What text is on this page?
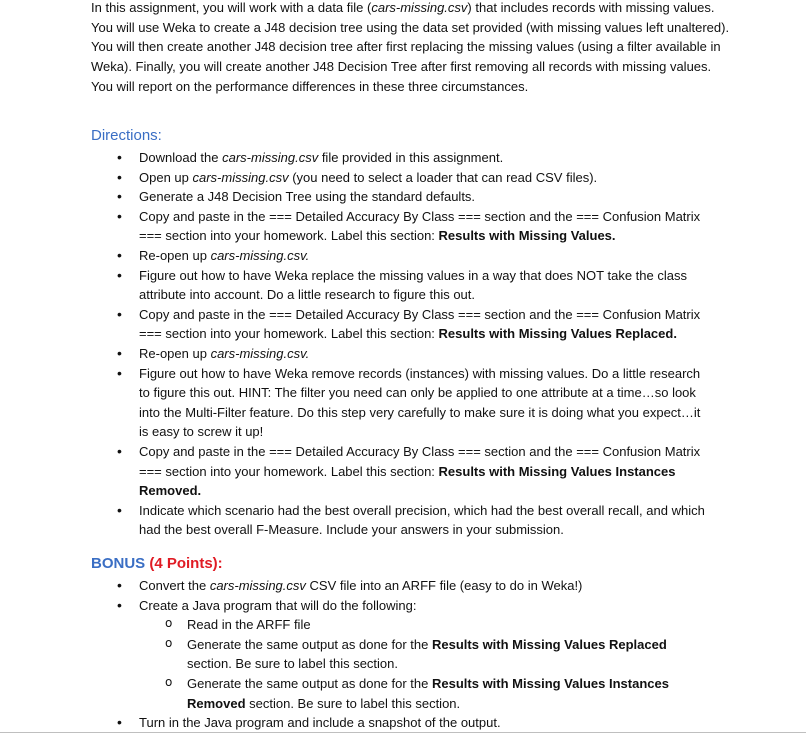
In this assignment, you will work with a data file (cars-missing.csv) that includes records with missing values. You will use Weka to create a J48 decision tree using the data set provided (with missing values left unaltered). You will then create another J48 decision tree after first replacing the missing values (using a filter available in Weka). Finally, you will create another J48 Decision Tree after first removing all records with missing values. You will report on the performance differences in these three circumstances.

Directions:

• Download the cars-missing.csv file provided in this assignment.
• Open up cars-missing.csv (you need to select a loader that can read CSV files).
• Generate a J48 Decision Tree using the standard defaults.
• Copy and paste in the === Detailed Accuracy By Class === section and the === Confusion Matrix === section into your homework. Label this section: Results with Missing Values.
• Re-open up cars-missing.csv.
• Figure out how to have Weka replace the missing values in a way that does NOT take the class attribute into account. Do a little research to figure this out.
• Copy and paste in the === Detailed Accuracy By Class === section and the === Confusion Matrix === section into your homework. Label this section: Results with Missing Values Replaced.
• Re-open up cars-missing.csv.
• Figure out how to have Weka remove records (instances) with missing values. Do a little research to figure this out. HINT: The filter you need can only be applied to one attribute at a time…so look into the Multi-Filter feature. Do this step very carefully to make sure it is doing what you expect…it is easy to screw it up!
• Copy and paste in the === Detailed Accuracy By Class === section and the === Confusion Matrix === section into your homework. Label this section: Results with Missing Values Instances Removed.
• Indicate which scenario had the best overall precision, which had the best overall recall, and which had the best overall F-Measure. Include your answers in your submission.

BONUS (4 Points):

• Convert the cars-missing.csv CSV file into an ARFF file (easy to do in Weka!)
• Create a Java program that will do the following:
o Read in the ARFF file
o Generate the same output as done for the Results with Missing Values Replaced section. Be sure to label this section.
o Generate the same output as done for the Results with Missing Values Instances Removed section. Be sure to label this section.
• Turn in the Java program and include a snapshot of the output.
